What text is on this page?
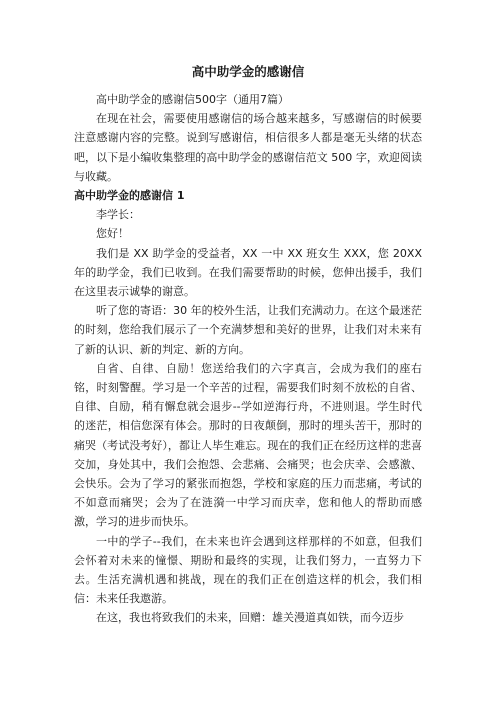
高中助学金的感谢信

高中助学金的感谢信500字（通用7篇）

在现在社会，需要使用感谢信的场合越来越多，写感谢信的时候要注意感谢内容的完整。说到写感谢信，相信很多人都是毫无头绪的状态吧，以下是小编收集整理的高中助学金的感谢信范文 500 字，欢迎阅读与收藏。

高中助学金的感谢信 1

李学长：

您好！

我们是 XX 助学金的受益者，XX 一中 XX 班女生 XXX，您 20XX 年的助学金，我们已收到。在我们需要帮助的时候，您伸出援手，我们在这里表示诚挚的谢意。

听了您的寄语：30 年的校外生活，让我们充满动力。在这个最迷茫的时刻，您给我们展示了一个充满梦想和美好的世界，让我们对未来有了新的认识、新的判定、新的方向。

自省、自律、自励！您送给我们的六字真言，会成为我们的座右铭，时刻警醒。学习是一个辛苦的过程，需要我们时刻不放松的自省、自律、自励，稍有懈怠就会退步--学如逆海行舟，不进则退。学生时代的迷茫，相信您深有体会。那时的日夜颠倒，那时的埋头苦干，那时的痛哭（考试没考好），都让人毕生难忘。现在的我们正在经历这样的悲喜交加，身处其中，我们会抱怨、会悲痛、会痛哭；也会庆幸、会感激、会快乐。会为了学习的紧张而抱怨，学校和家庭的压力而悲痛，考试的不如意而痛哭；会为了在涟漪一中学习而庆幸，您和他人的帮助而感激，学习的进步而快乐。

一中的学子--我们，在未来也许会遇到这样那样的不如意，但我们会怀着对未来的憧憬、期盼和最终的实现，让我们努力，一直努力下去。生活充满机遇和挑战，现在的我们正在创造这样的机会，我们相信：未来任我遨游。

在这，我也将致我们的未来，回赠：雄关漫道真如铁，而今迈步
